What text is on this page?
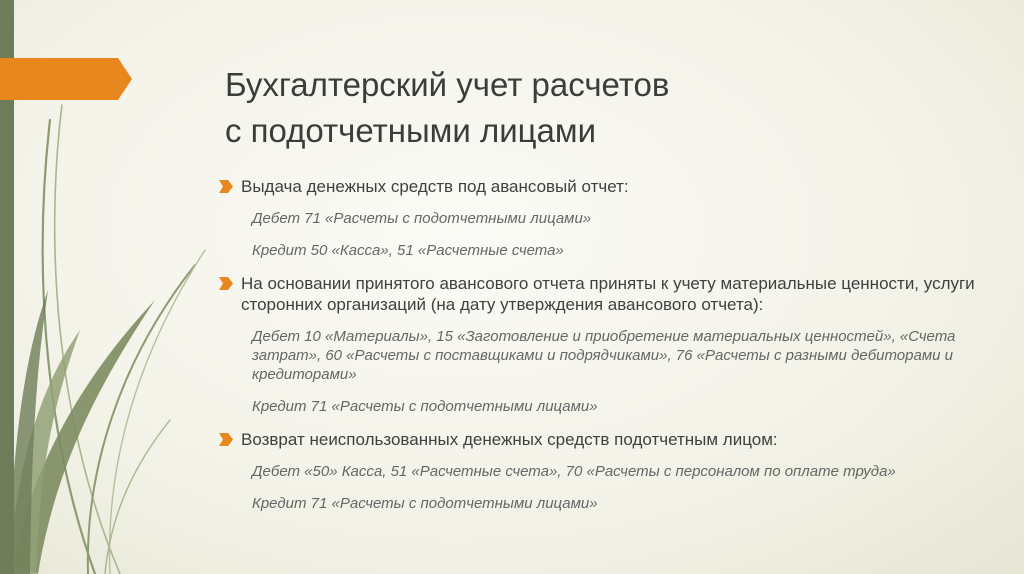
Бухгалтерский учет расчетов
с подотчетными лицами
Выдача денежных средств под авансовый отчет:

Дебет 71 «Расчеты с подотчетными лицами»

Кредит 50 «Касса», 51 «Расчетные счета»

На основании принятого авансового отчета приняты к учету материальные ценности, услуги сторонних организаций (на дату утверждения авансового отчета):

Дебет 10 «Материалы», 15 «Заготовление и приобретение материальных ценностей», «Счета затрат», 60 «Расчеты с поставщиками и подрядчиками», 76 «Расчеты с разными дебиторами и кредиторами»

Кредит 71 «Расчеты с подотчетными лицами»

Возврат неиспользованных денежных средств подотчетным лицом:

Дебет «50» Касса, 51 «Расчетные счета», 70 «Расчеты с персоналом по оплате труда»

Кредит 71 «Расчеты с подотчетными лицами»
